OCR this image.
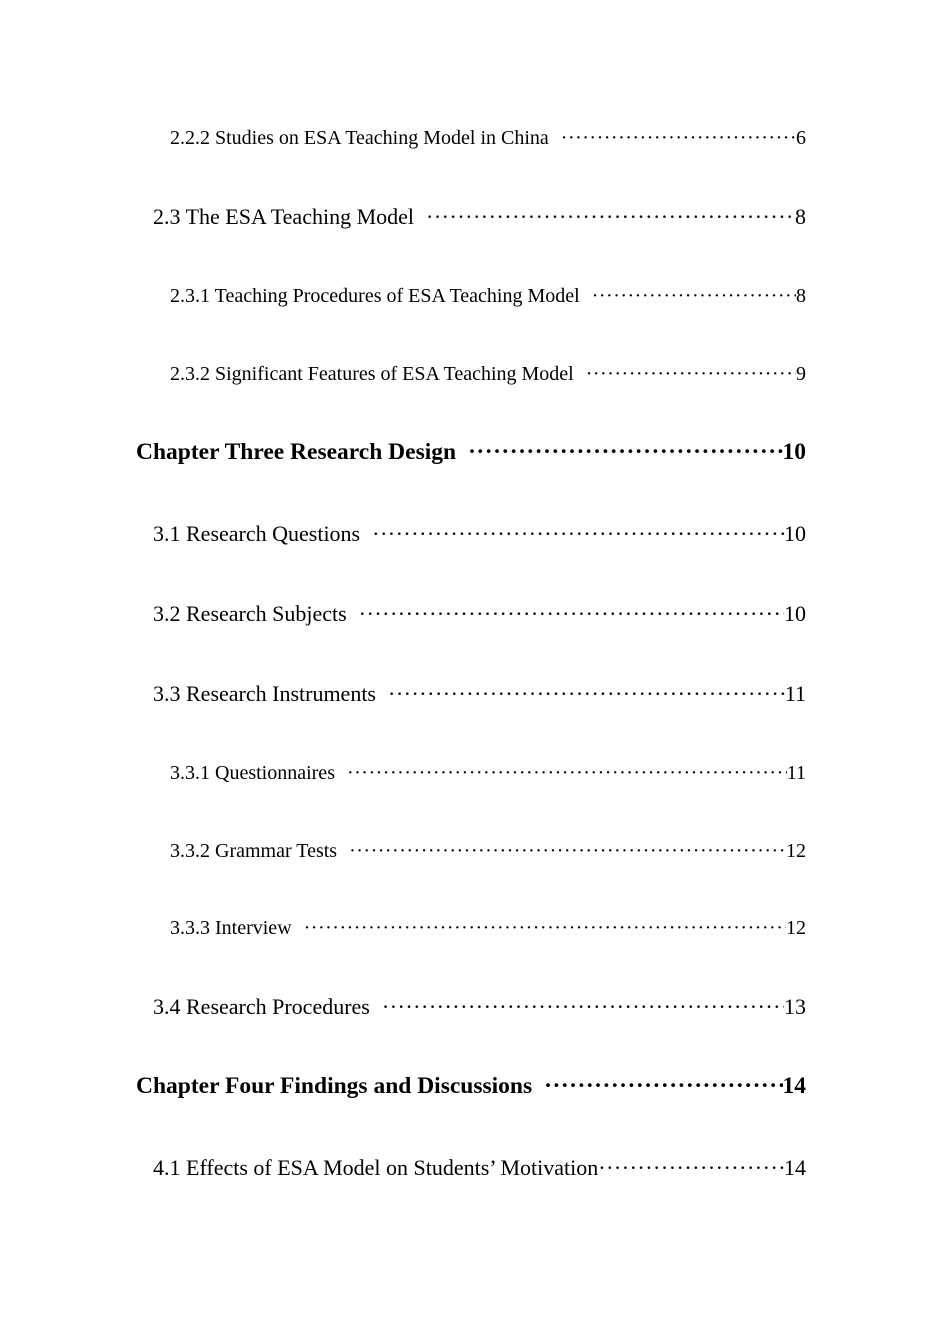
2.2.2 Studies on ESA Teaching Model in China ·····	6
2.3 The ESA Teaching Model ·····	8
2.3.1 Teaching Procedures of ESA Teaching Model ·····	8
2.3.2 Significant Features of ESA Teaching Model ·····	9
Chapter Three Research Design ·····	10
3.1 Research Questions ·····	10
3.2 Research Subjects ·····	10
3.3 Research Instruments ·····	11
3.3.1 Questionnaires ·····	11
3.3.2 Grammar Tests ·····	12
3.3.3 Interview ·····	12
3.4 Research Procedures ·····	13
Chapter Four Findings and Discussions ·····	14
4.1 Effects of ESA Model on Students’ Motivation ·····	14
